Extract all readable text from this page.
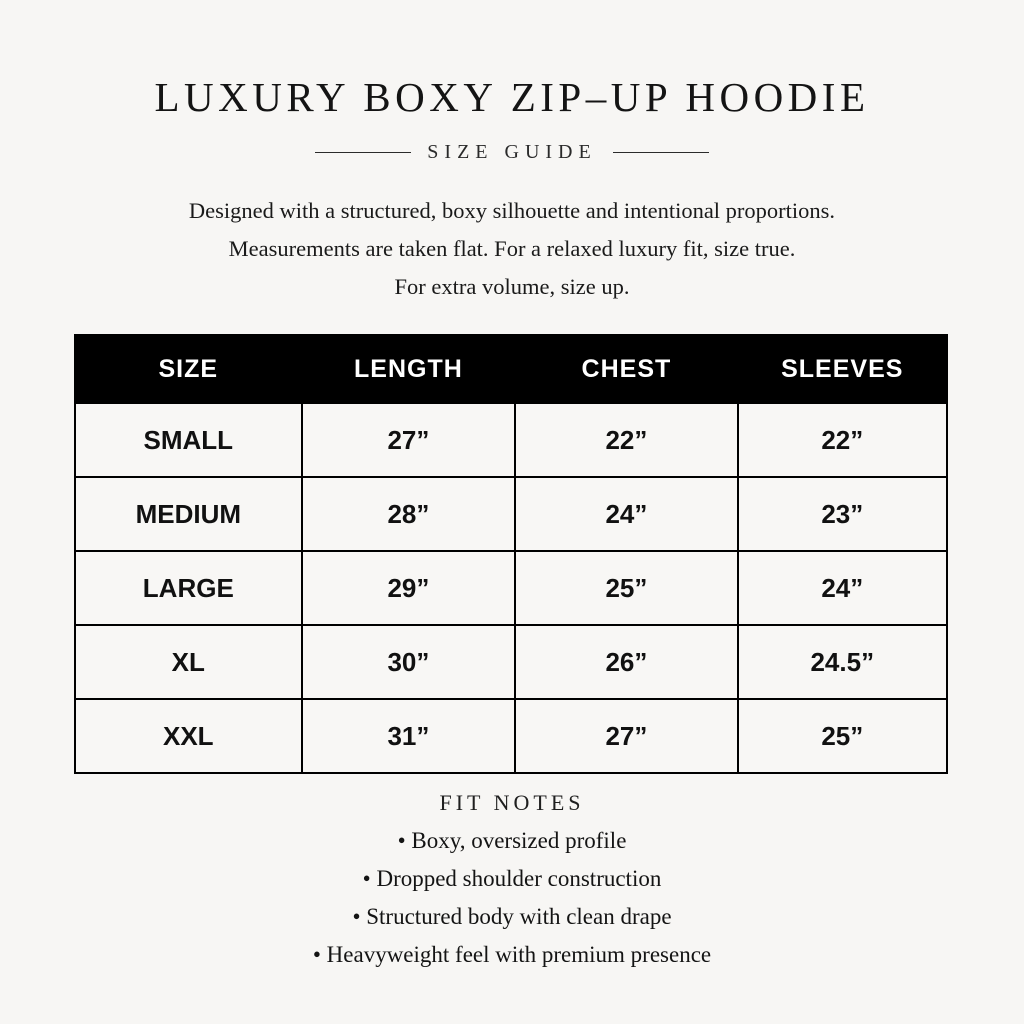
LUXURY BOXY ZIP–UP HOODIE
SIZE GUIDE
Designed with a structured, boxy silhouette and intentional proportions.
Measurements are taken flat. For a relaxed luxury fit, size true.
For extra volume, size up.
SIZE	LENGTH	CHEST	SLEEVES
SMALL	27”	22”	22”
MEDIUM	28”	24”	23”
LARGE	29”	25”	24”
XL	30”	26”	24.5”
XXL	31”	27”	25”
FIT NOTES
• Boxy, oversized profile
• Dropped shoulder construction
• Structured body with clean drape
• Heavyweight feel with premium presence
